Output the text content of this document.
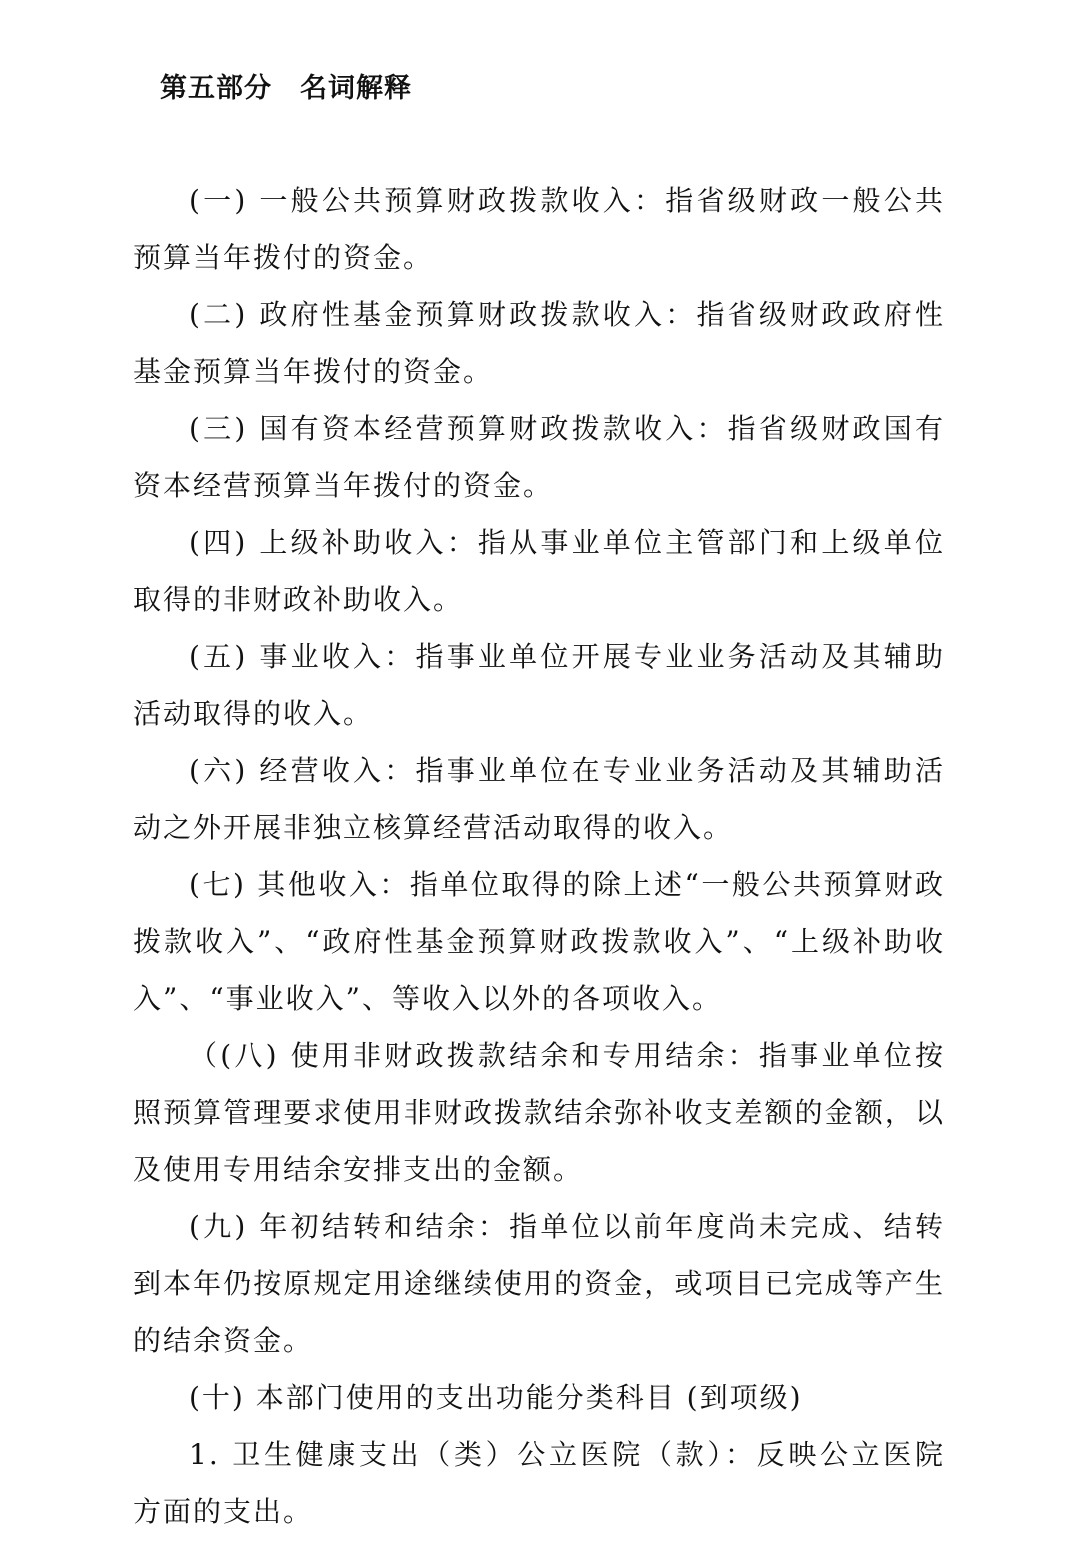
第五部分　名词解释

(一) 一般公共预算财政拨款收入：指省级财政一般公共预算当年拨付的资金。

(二) 政府性基金预算财政拨款收入：指省级财政政府性基金预算当年拨付的资金。

(三) 国有资本经营预算财政拨款收入：指省级财政国有资本经营预算当年拨付的资金。

(四) 上级补助收入：指从事业单位主管部门和上级单位取得的非财政补助收入。

(五) 事业收入：指事业单位开展专业业务活动及其辅助活动取得的收入。

(六) 经营收入：指事业单位在专业业务活动及其辅助活动之外开展非独立核算经营活动取得的收入。

(七) 其他收入：指单位取得的除上述“一般公共预算财政拨款收入”、“政府性基金预算财政拨款收入”、“上级补助收入”、“事业收入”、等收入以外的各项收入。

（(八) 使用非财政拨款结余和专用结余：指事业单位按照预算管理要求使用非财政拨款结余弥补收支差额的金额，以及使用专用结余安排支出的金额。

(九) 年初结转和结余：指单位以前年度尚未完成、结转到本年仍按原规定用途继续使用的资金，或项目已完成等产生的结余资金。

(十) 本部门使用的支出功能分类科目 (到项级)

1. 卫生健康支出（类）公立医院（款）：反映公立医院 方面的支出。
